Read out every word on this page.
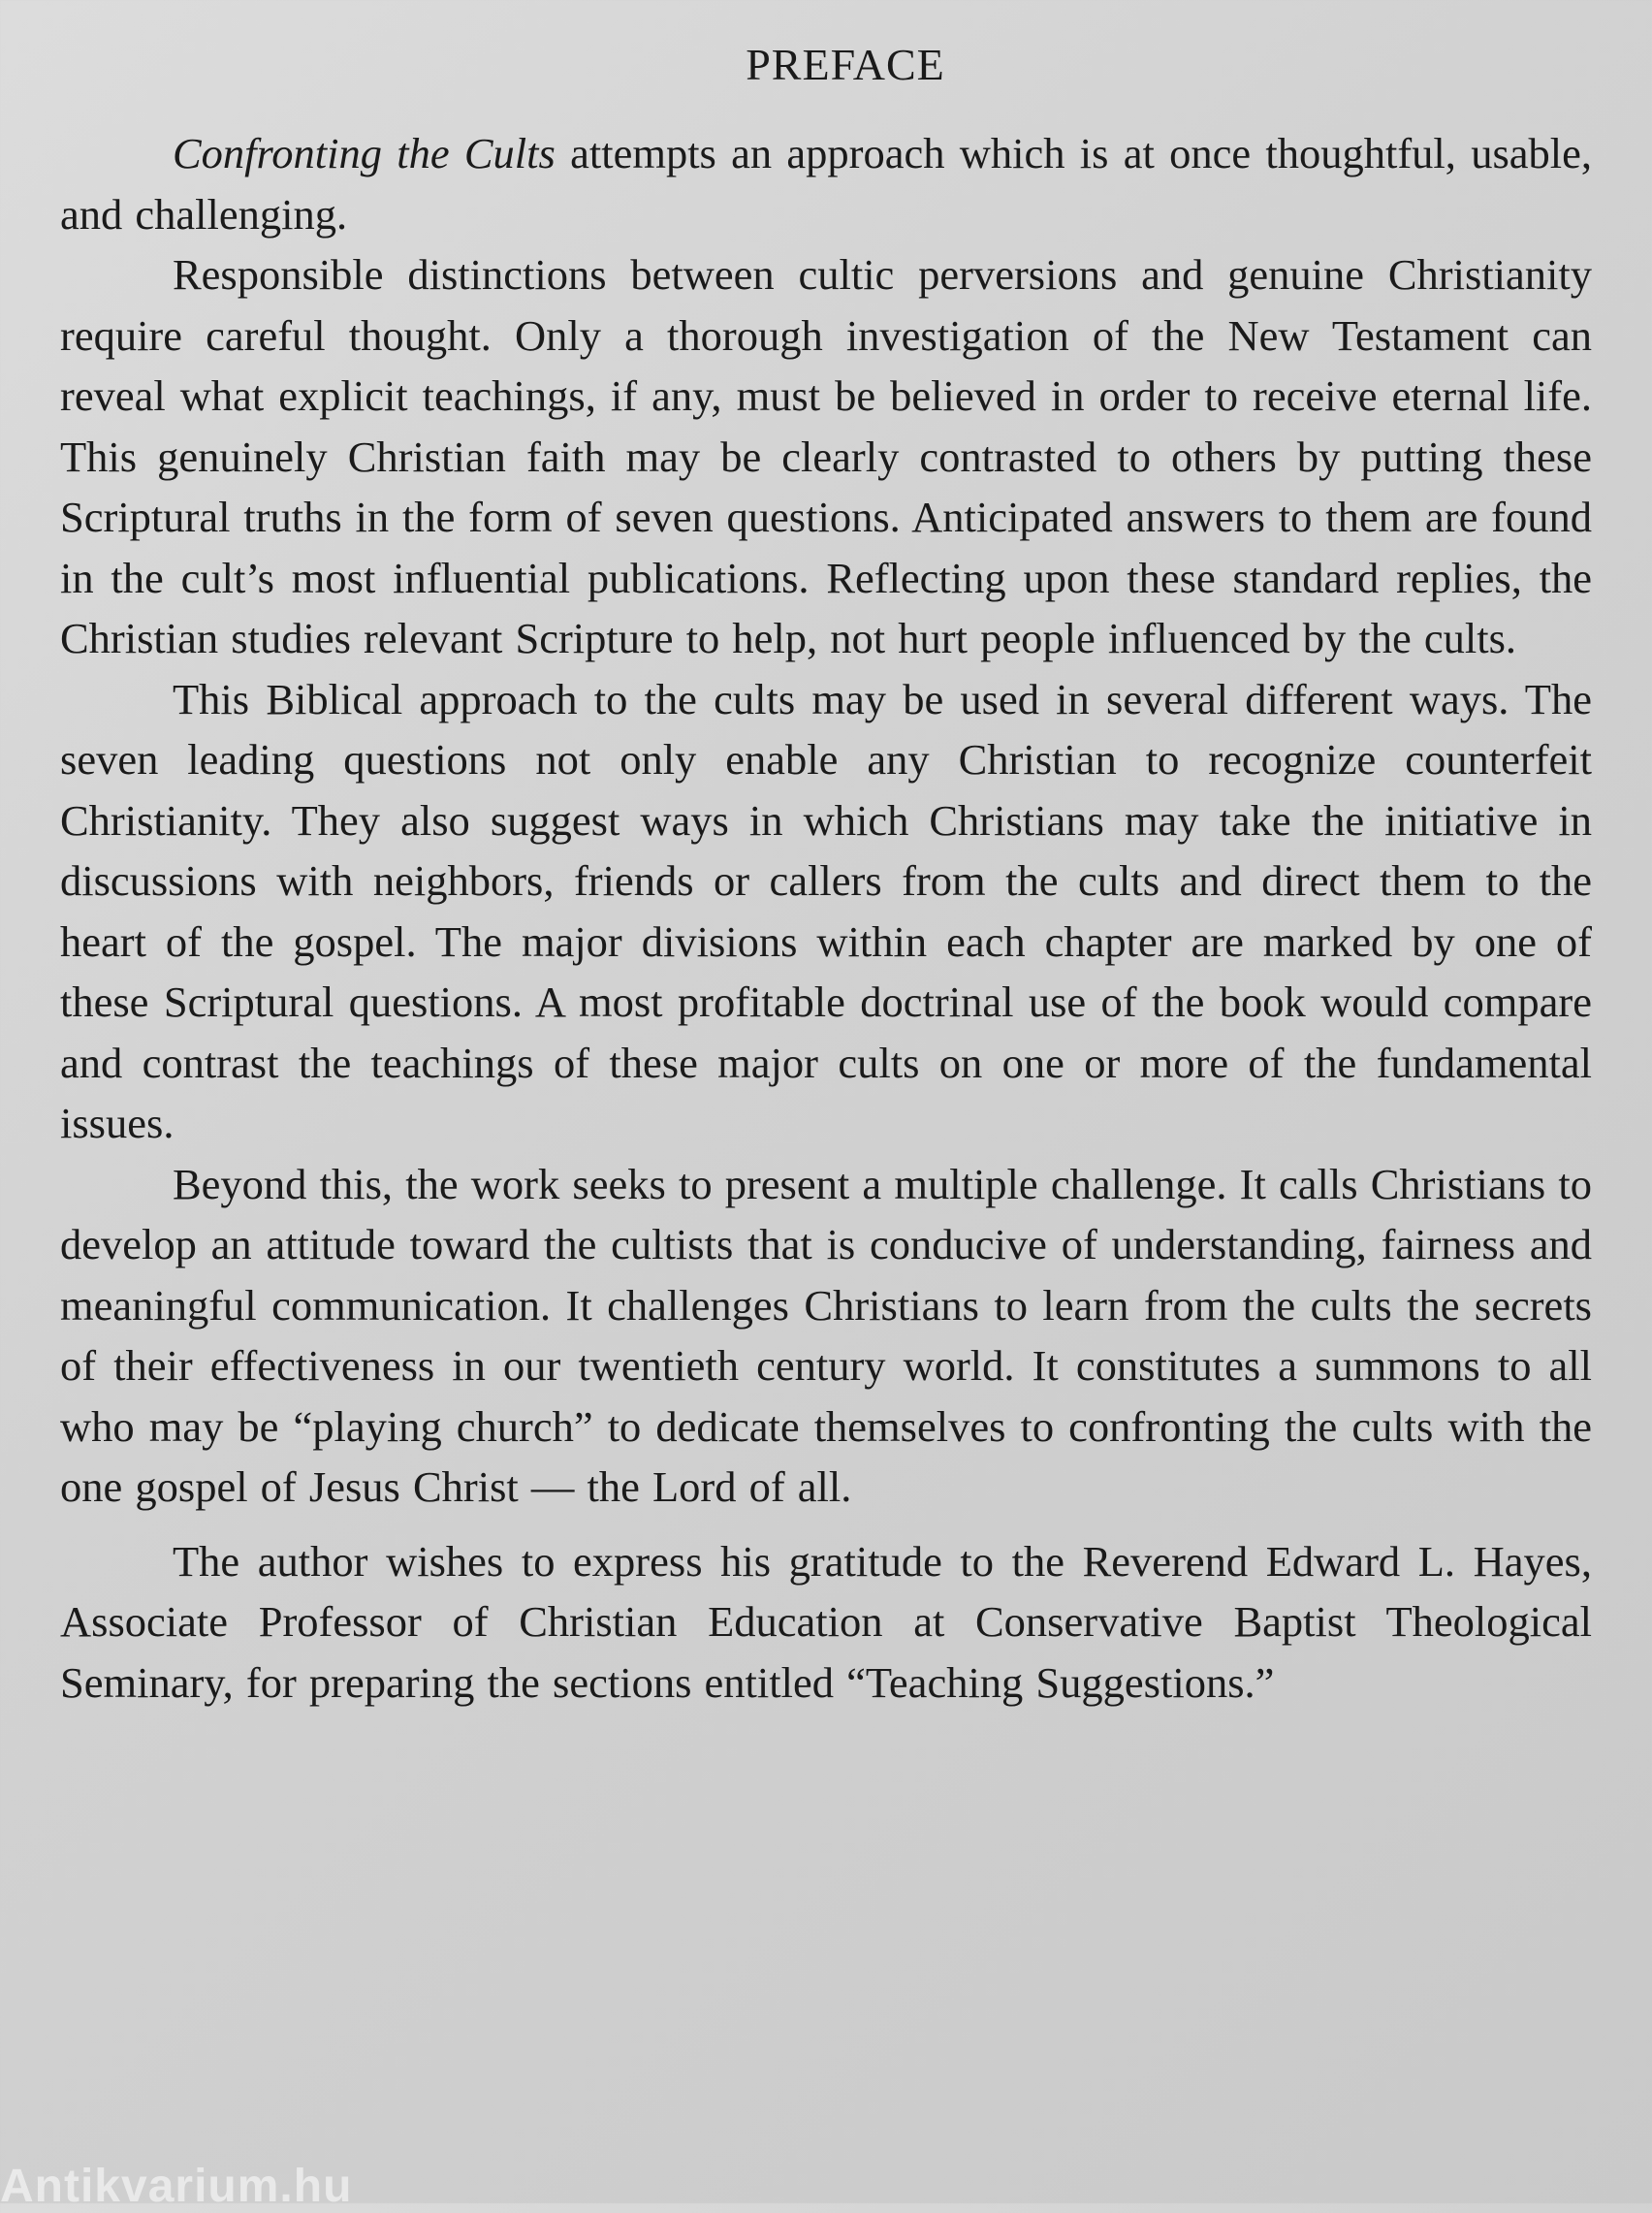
PREFACE

Confronting the Cults attempts an approach which is at once thoughtful, usable, and challenging.

Responsible distinctions between cultic perversions and genuine Christianity require careful thought. Only a thorough investigation of the New Testament can reveal what explicit teachings, if any, must be believed in order to receive eternal life. This genuinely Christian faith may be clearly contrasted to others by putting these Scriptural truths in the form of seven questions. Anticipated answers to them are found in the cult’s most influential publications. Reflecting upon these standard replies, the Christian studies relevant Scripture to help, not hurt people influenced by the cults.

This Biblical approach to the cults may be used in several different ways. The seven leading questions not only enable any Christian to recognize counterfeit Christianity. They also suggest ways in which Christians may take the initiative in discussions with neighbors, friends or callers from the cults and direct them to the heart of the gospel. The major divisions within each chapter are marked by one of these Scriptural questions. A most profitable doctrinal use of the book would compare and contrast the teachings of these major cults on one or more of the fundamental issues.

Beyond this, the work seeks to present a multiple challenge. It calls Christians to develop an attitude toward the cultists that is conducive of understanding, fairness and meaningful communication. It challenges Christians to learn from the cults the secrets of their effectiveness in our twentieth century world. It constitutes a summons to all who may be “playing church” to dedicate themselves to confronting the cults with the one gospel of Jesus Christ — the Lord of all.

The author wishes to express his gratitude to the Reverend Edward L. Hayes, Associate Professor of Christian Education at Conservative Baptist Theological Seminary, for preparing the sections entitled “Teaching Suggestions.”

Antikvarium.hu
